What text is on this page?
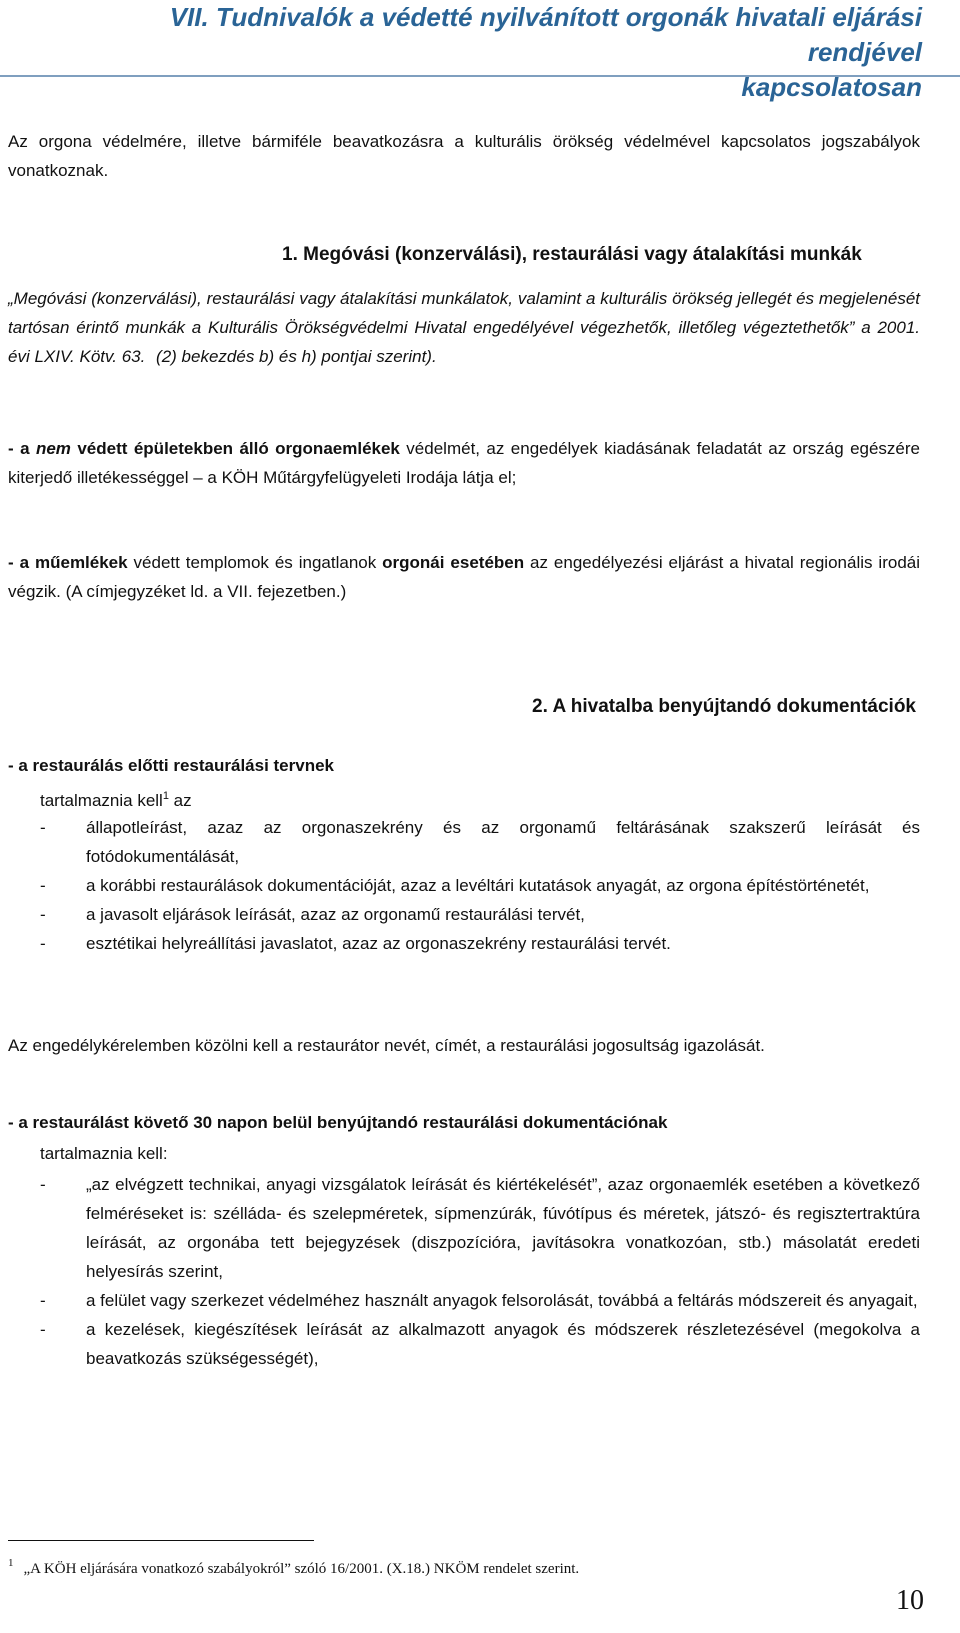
VII. Tudnivalók a védetté nyilvánított orgonák hivatali eljárási rendjével
kapcsolatosan
Az orgona védelmére, illetve bármiféle beavatkozásra a kulturális örökség védelmével kapcsolatos jogszabályok vonatkoznak.
1. Megóvási (konzerválási), restaurálási vagy átalakítási munkák
„Megóvási (konzerválási), restaurálási vagy átalakítási munkálatok, valamint a kulturális örökség jellegét és megjelenését tartósan érintő munkák a Kulturális Örökségvédelmi Hivatal engedélyével végezhetők, illetőleg végeztethetők” a 2001. évi LXIV. Kötv. 63. (2) bekezdés b) és h) pontjai szerint).
- a nem védett épületekben álló orgonaemlékek védelmét, az engedélyek kiadásának feladatát az ország egészére kiterjedő illetékességgel – a KÖH Műtárgyfelügyeleti Irodája látja el;
- a műemlékek védett templomok és ingatlanok orgonái esetében az engedélyezési eljárást a hivatal regionális irodái végzik. (A címjegyzéket ld. a VII. fejezetben.)
2. A hivatalba benyújtandó dokumentációk
- a restaurálás előtti restaurálási tervnek
tartalmaznia kell$^1$ az
- állapotleírást, azaz az orgonaszekrény és az orgonamű feltárásának szakszerű leírását és fotódokumentálását,
- a korábbi restaurálások dokumentációját, azaz a levéltári kutatások anyagát, az orgona építéstörténetét,
- a javasolt eljárások leírását, azaz az orgonamű restaurálási tervét,
- esztétikai helyreállítási javaslatot, azaz az orgonaszekrény restaurálási tervét.
Az engedélykérelemben közölni kell a restaurátor nevét, címét, a restaurálási jogosultság igazolását.
- a restaurálást követő 30 napon belül benyújtandó restaurálási dokumentációnak
tartalmaznia kell:
- „az elvégzett technikai, anyagi vizsgálatok leírását és kiértékelését”, azaz orgonaemlék esetében a következő felméréseket is: szélláda- és szelepméretek, sípmenzúrák, fúvótípus és méretek, játszó- és regisztertraktúra leírását, az orgonába tett bejegyzések (diszpozícióra, javításokra vonatkozóan, stb.) másolatát eredeti helyesírás szerint,
- a felület vagy szerkezet védelméhez használt anyagok felsorolását, továbbá a feltárás módszereit és anyagait,
- a kezelések, kiegészítések leírását az alkalmazott anyagok és módszerek részletezésével (megokolva a beavatkozás szükségességét),
$^1$ „A KÖH eljárására vonatkozó szabályokról” szóló 16/2001. (X.18.) NKÖM rendelet szerint.
10
